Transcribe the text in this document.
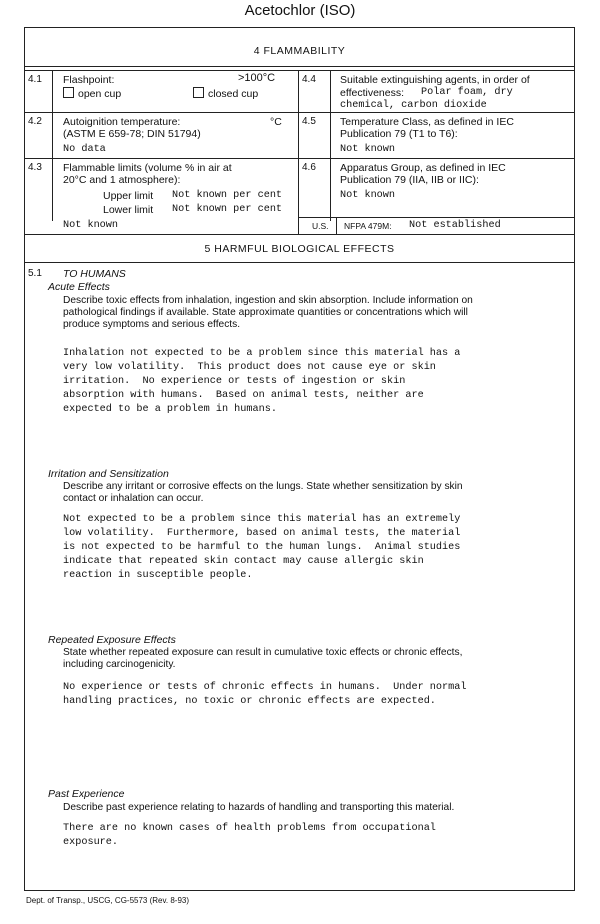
Acetochlor (ISO)
4 FLAMMABILITY
4.1 Flashpoint:	>100°C
open cup	closed cup
4.2 Autoignition temperature:	°C
(ASTM E 659-78; DIN 51794)
No data
4.3 Flammable limits (volume % in air at
20°C and 1 atmosphere):
Upper limit Not known per cent
Lower limit Not known per cent
Not known
4.4 Suitable extinguishing agents, in order of
effectiveness: Polar foam, dry
chemical, carbon dioxide
4.5 Temperature Class, as defined in IEC
Publication 79 (T1 to T6):
Not known
4.6 Apparatus Group, as defined in IEC
Publication 79 (IIA, IIB or IIC):
Not known
U.S. NFPA 479M: Not established
5 HARMFUL BIOLOGICAL EFFECTS
5.1 TO HUMANS
Acute Effects
Describe toxic effects from inhalation, ingestion and skin absorption. Include information on
pathological findings if available. State approximate quantities or concentrations which will
produce symptoms and serious effects.
Inhalation not expected to be a problem since this material has a
very low volatility.  This product does not cause eye or skin
irritation.  No experience or tests of ingestion or skin
absorption with humans.  Based on animal tests, neither are
expected to be a problem in humans.
Irritation and Sensitization
Describe any irritant or corrosive effects on the lungs. State whether sensitization by skin
contact or inhalation can occur.
Not expected to be a problem since this material has an extremely
low volatility.  Furthermore, based on animal tests, the material
is not expected to be harmful to the human lungs.  Animal studies
indicate that repeated skin contact may cause allergic skin
reaction in susceptible people.
Repeated Exposure Effects
State whether repeated exposure can result in cumulative toxic effects or chronic effects,
including carcinogenicity.
No experience or tests of chronic effects in humans.  Under normal
handling practices, no toxic or chronic effects are expected.
Past Experience
Describe past experience relating to hazards of handling and transporting this material.
There are no known cases of health problems from occupational
exposure.
Dept. of Transp., USCG, CG-5573 (Rev. 8-93)
